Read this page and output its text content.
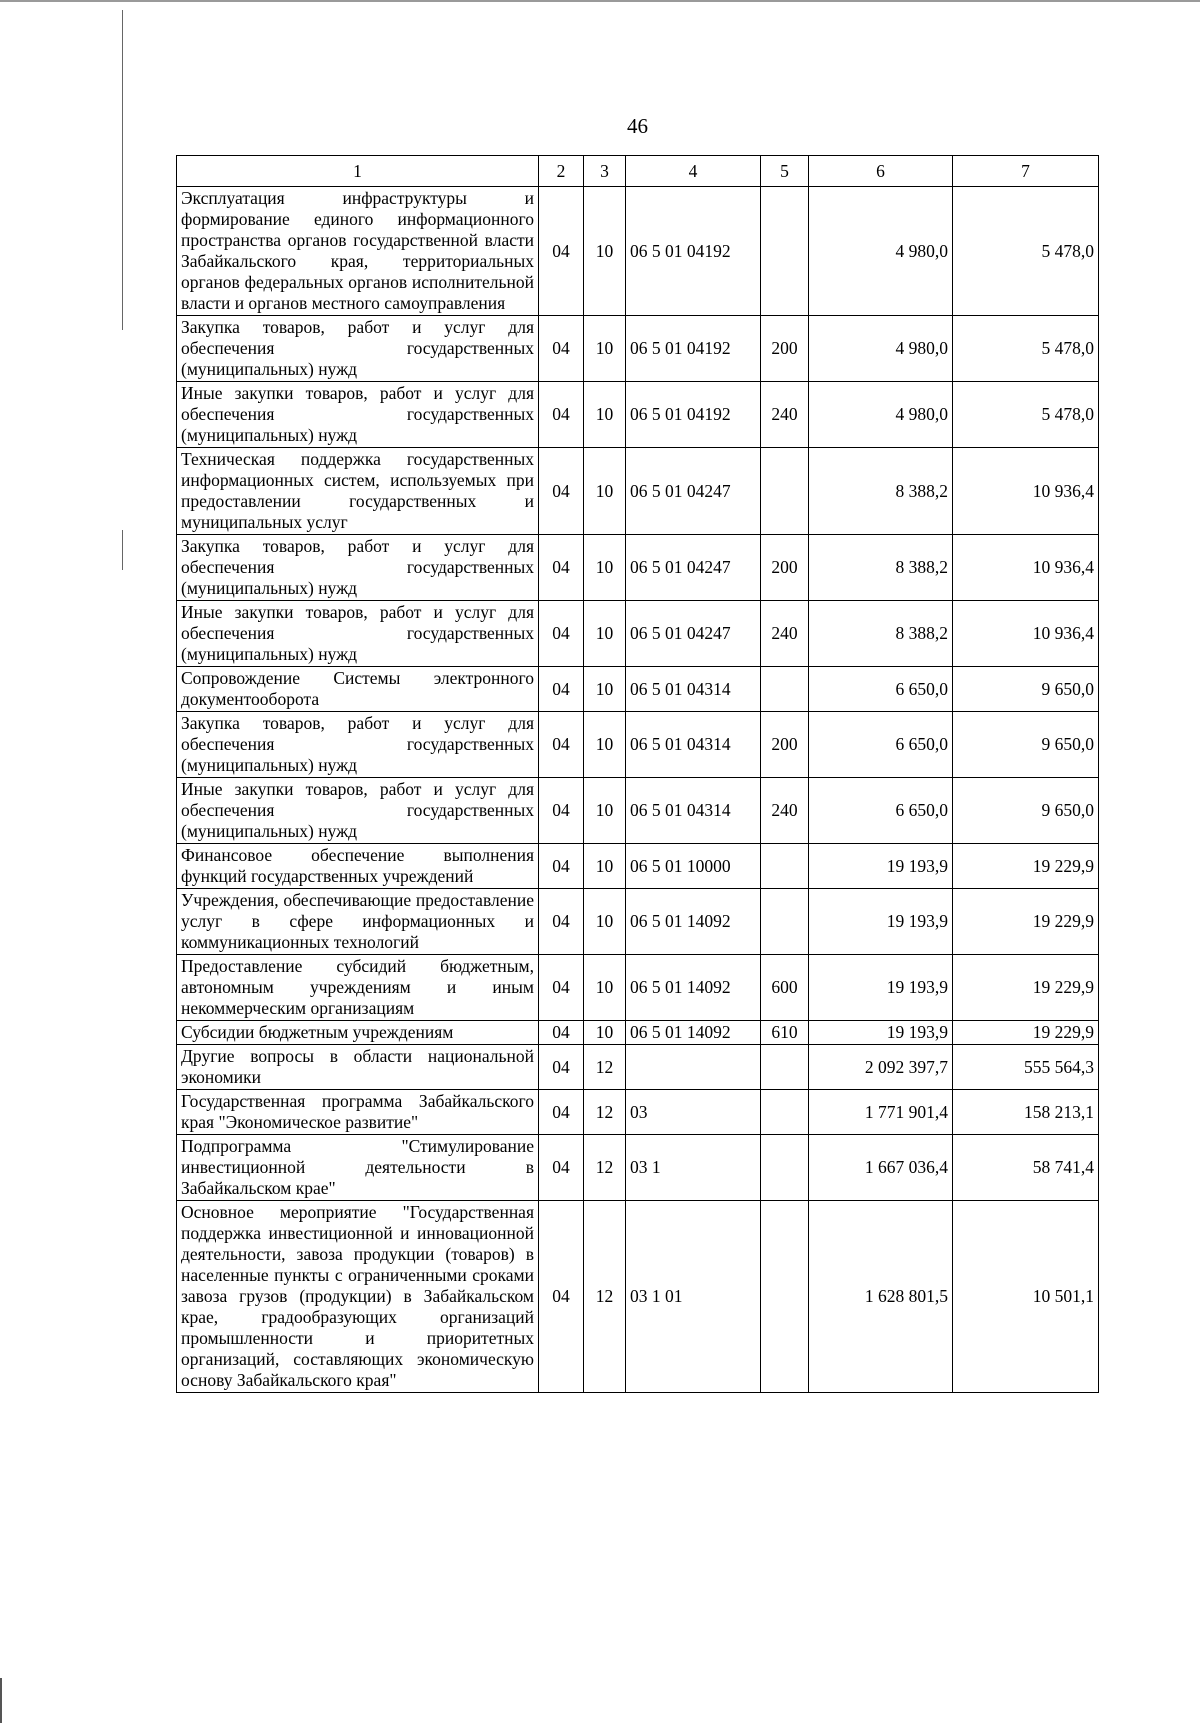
46
1	2	3	4	5	6	7
Эксплуатация инфраструктуры и формирование единого информационного пространства органов государственной власти Забайкальского края, территориальных органов федеральных органов исполнительной власти и органов местного самоуправления	04	10	06 5 01 04192		4 980,0	5 478,0
Закупка товаров, работ и услуг для обеспечения государственных (муниципальных) нужд	04	10	06 5 01 04192	200	4 980,0	5 478,0
Иные закупки товаров, работ и услуг для обеспечения государственных (муниципальных) нужд	04	10	06 5 01 04192	240	4 980,0	5 478,0
Техническая поддержка государственных информационных систем, используемых при предоставлении государственных и муниципальных услуг	04	10	06 5 01 04247		8 388,2	10 936,4
Закупка товаров, работ и услуг для обеспечения государственных (муниципальных) нужд	04	10	06 5 01 04247	200	8 388,2	10 936,4
Иные закупки товаров, работ и услуг для обеспечения государственных (муниципальных) нужд	04	10	06 5 01 04247	240	8 388,2	10 936,4
Сопровождение Системы электронного документооборота	04	10	06 5 01 04314		6 650,0	9 650,0
Закупка товаров, работ и услуг для обеспечения государственных (муниципальных) нужд	04	10	06 5 01 04314	200	6 650,0	9 650,0
Иные закупки товаров, работ и услуг для обеспечения государственных (муниципальных) нужд	04	10	06 5 01 04314	240	6 650,0	9 650,0
Финансовое обеспечение выполнения функций государственных учреждений	04	10	06 5 01 10000		19 193,9	19 229,9
Учреждения, обеспечивающие предоставление услуг в сфере информационных и коммуникационных технологий	04	10	06 5 01 14092		19 193,9	19 229,9
Предоставление субсидий бюджетным, автономным учреждениям и иным некоммерческим организациям	04	10	06 5 01 14092	600	19 193,9	19 229,9
Субсидии бюджетным учреждениям	04	10	06 5 01 14092	610	19 193,9	19 229,9
Другие вопросы в области национальной экономики	04	12			2 092 397,7	555 564,3
Государственная программа Забайкальского края "Экономическое развитие"	04	12	03		1 771 901,4	158 213,1
Подпрограмма "Стимулирование инвестиционной деятельности в Забайкальском крае"	04	12	03 1		1 667 036,4	58 741,4
Основное мероприятие "Государственная поддержка инвестиционной и инновационной деятельности, завоза продукции (товаров) в населенные пункты с ограниченными сроками завоза грузов (продукции) в Забайкальском крае, градообразующих организаций промышленности и приоритетных организаций, составляющих экономическую основу Забайкальского края"	04	12	03 1 01		1 628 801,5	10 501,1
